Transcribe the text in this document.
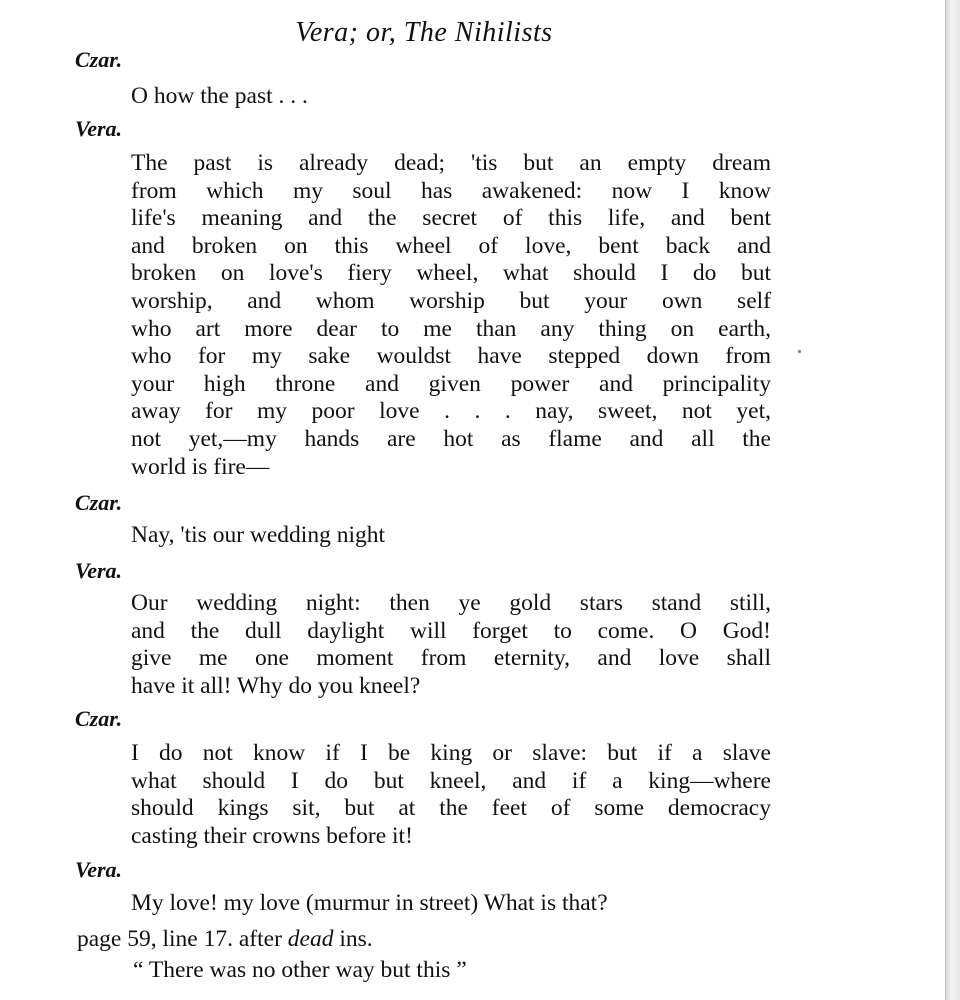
Vera; or, The Nihilists
Czar.
O how the past . . .
Vera.
The past is already dead; 'tis but an empty dream
from which my soul has awakened: now I know
life's meaning and the secret of this life, and bent
and broken on this wheel of love, bent back and
broken on love's fiery wheel, what should I do but
worship, and whom worship but your own self
who art more dear to me than any thing on earth,
who for my sake wouldst have stepped down from
your high throne and given power and principality
away for my poor love . . . nay, sweet, not yet,
not yet,—my hands are hot as flame and all the
world is fire—
Czar.
Nay, 'tis our wedding night
Vera.
Our wedding night: then ye gold stars stand still,
and the dull daylight will forget to come. O God!
give me one moment from eternity, and love shall
have it all! Why do you kneel?
Czar.
I do not know if I be king or slave: but if a slave
what should I do but kneel, and if a king—where
should kings sit, but at the feet of some democracy
casting their crowns before it!
Vera.
My love! my love (murmur in street) What is that?
page 59, line 17. after dead ins.
“ There was no other way but this ”
